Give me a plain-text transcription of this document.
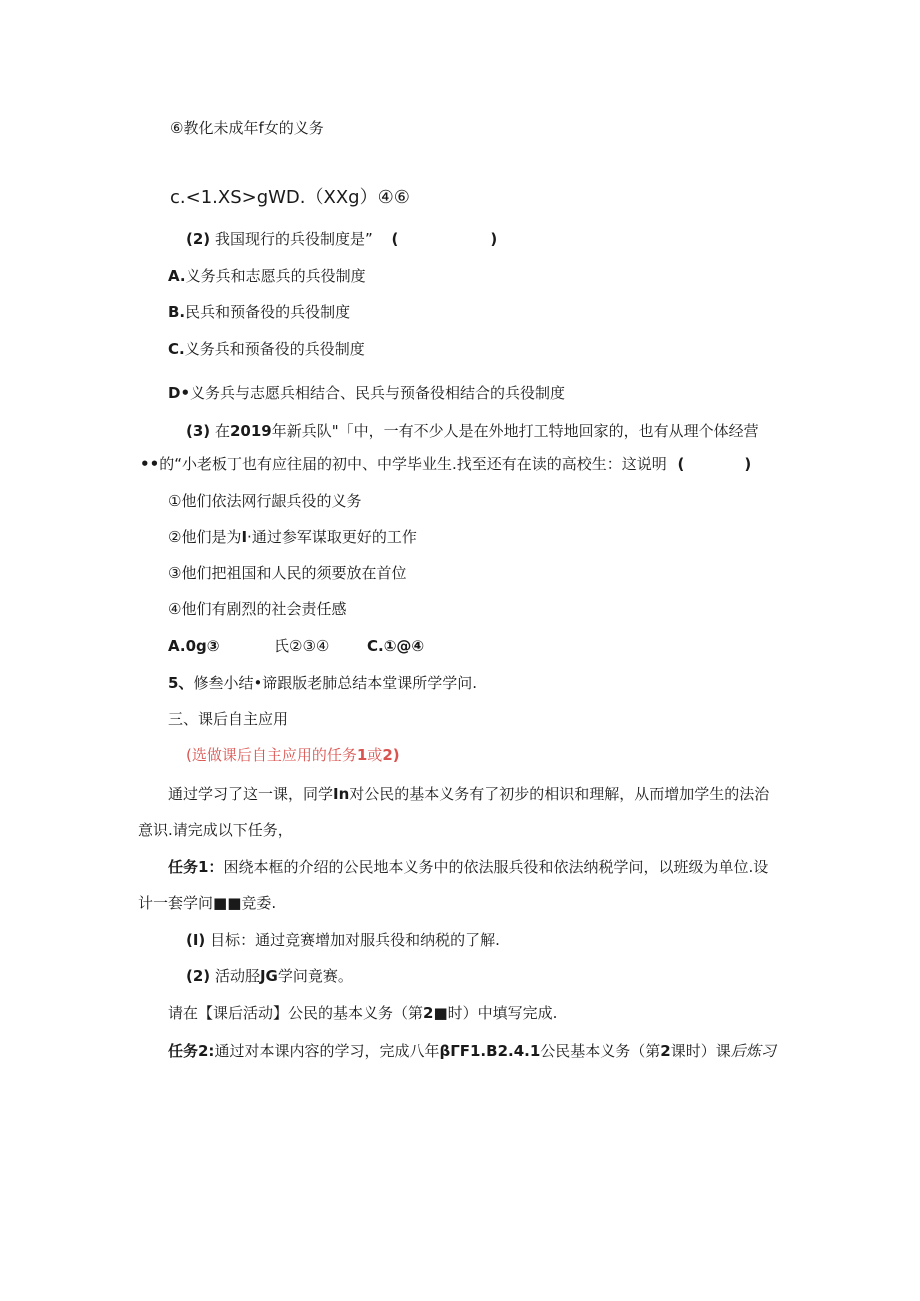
⑥教化未成年f女的义务
c.<1.XS>gWD.（XXg）④⑥
(2) 我国现行的兵役制度是” (	)
A.义务兵和志愿兵的兵役制度
B.民兵和预备役的兵役制度
C.义务兵和预备役的兵役制度
D•义务兵与志愿兵相结合、民兵与预备役相结合的兵役制度
(3) 在2019年新兵队"「中，一有不少人是在外地打工特地回家的，也有从理个体经营
••的“小老板丁也有应往届的初中、中学毕业生.找至还有在读的高校生：这说明 (	)
①他们依法网行龈兵役的义务
②他们是为I·通过参军谋取更好的工作
③他们把祖国和人民的须要放在首位
④他们有剧烈的社会责任感
A.0g③	氏②③④	C.①@④
5、修叁小结•谛跟版老肺总结本堂课所学学问.
三、课后自主应用
(选做课后自主应用的任务1或2)
通过学习了这一课，同学In对公民的基本义务有了初步的相识和理解，从而增加学生的法治
意识.请完成以下任务，
任务1：困绕本框的介绍的公民地本义务中的依法服兵役和依法纳税学问，以班级为单位.设
计一套学问■■竞委.
(I) 目标：通过竞赛增加对服兵役和纳税的了解.
(2) 活动胫JG学问竟赛。
请在【课后活动】公民的基本义务（第2■时）中填写完成.
任务2:通过对本课内容的学习，完成八年βГF1.B2.4.1公民基本义务（第2课时）课后炼习
